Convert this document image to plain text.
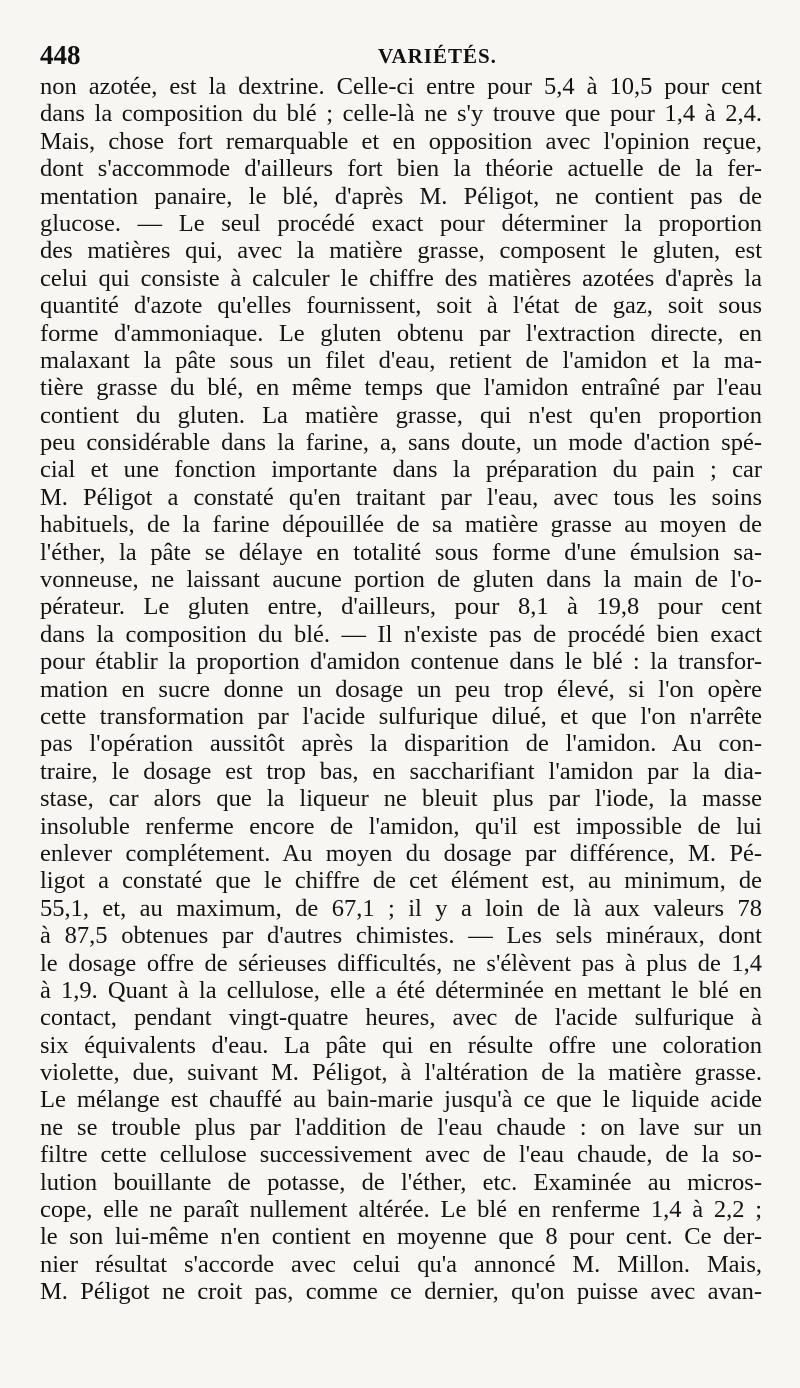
448	VARIÉTÉS.
non azotée, est la dextrine. Celle-ci entre pour 5,4 à 10,5 pour cent
dans la composition du blé ; celle-là ne s'y trouve que pour 1,4 à 2,4.
Mais, chose fort remarquable et en opposition avec l'opinion reçue,
dont s'accommode d'ailleurs fort bien la théorie actuelle de la fer-
mentation panaire, le blé, d'après M. Péligot, ne contient pas de
glucose. — Le seul procédé exact pour déterminer la proportion
des matières qui, avec la matière grasse, composent le gluten, est
celui qui consiste à calculer le chiffre des matières azotées d'après la
quantité d'azote qu'elles fournissent, soit à l'état de gaz, soit sous
forme d'ammoniaque. Le gluten obtenu par l'extraction directe, en
malaxant la pâte sous un filet d'eau, retient de l'amidon et la ma-
tière grasse du blé, en même temps que l'amidon entraîné par l'eau
contient du gluten. La matière grasse, qui n'est qu'en proportion
peu considérable dans la farine, a, sans doute, un mode d'action spé-
cial et une fonction importante dans la préparation du pain ; car
M. Péligot a constaté qu'en traitant par l'eau, avec tous les soins
habituels, de la farine dépouillée de sa matière grasse au moyen de
l'éther, la pâte se délaye en totalité sous forme d'une émulsion sa-
vonneuse, ne laissant aucune portion de gluten dans la main de l'o-
pérateur. Le gluten entre, d'ailleurs, pour 8,1 à 19,8 pour cent
dans la composition du blé. — Il n'existe pas de procédé bien exact
pour établir la proportion d'amidon contenue dans le blé : la transfor-
mation en sucre donne un dosage un peu trop élevé, si l'on opère
cette transformation par l'acide sulfurique dilué, et que l'on n'arrête
pas l'opération aussitôt après la disparition de l'amidon. Au con-
traire, le dosage est trop bas, en saccharifiant l'amidon par la dia-
stase, car alors que la liqueur ne bleuit plus par l'iode, la masse
insoluble renferme encore de l'amidon, qu'il est impossible de lui
enlever complétement. Au moyen du dosage par différence, M. Pé-
ligot a constaté que le chiffre de cet élément est, au minimum, de
55,1, et, au maximum, de 67,1 ; il y a loin de là aux valeurs 78
à 87,5 obtenues par d'autres chimistes. — Les sels minéraux, dont
le dosage offre de sérieuses difficultés, ne s'élèvent pas à plus de 1,4
à 1,9. Quant à la cellulose, elle a été déterminée en mettant le blé en
contact, pendant vingt-quatre heures, avec de l'acide sulfurique à
six équivalents d'eau. La pâte qui en résulte offre une coloration
violette, due, suivant M. Péligot, à l'altération de la matière grasse.
Le mélange est chauffé au bain-marie jusqu'à ce que le liquide acide
ne se trouble plus par l'addition de l'eau chaude : on lave sur un
filtre cette cellulose successivement avec de l'eau chaude, de la so-
lution bouillante de potasse, de l'éther, etc. Examinée au micros-
cope, elle ne paraît nullement altérée. Le blé en renferme 1,4 à 2,2 ;
le son lui-même n'en contient en moyenne que 8 pour cent. Ce der-
nier résultat s'accorde avec celui qu'a annoncé M. Millon. Mais,
M. Péligot ne croit pas, comme ce dernier, qu'on puisse avec avan-
